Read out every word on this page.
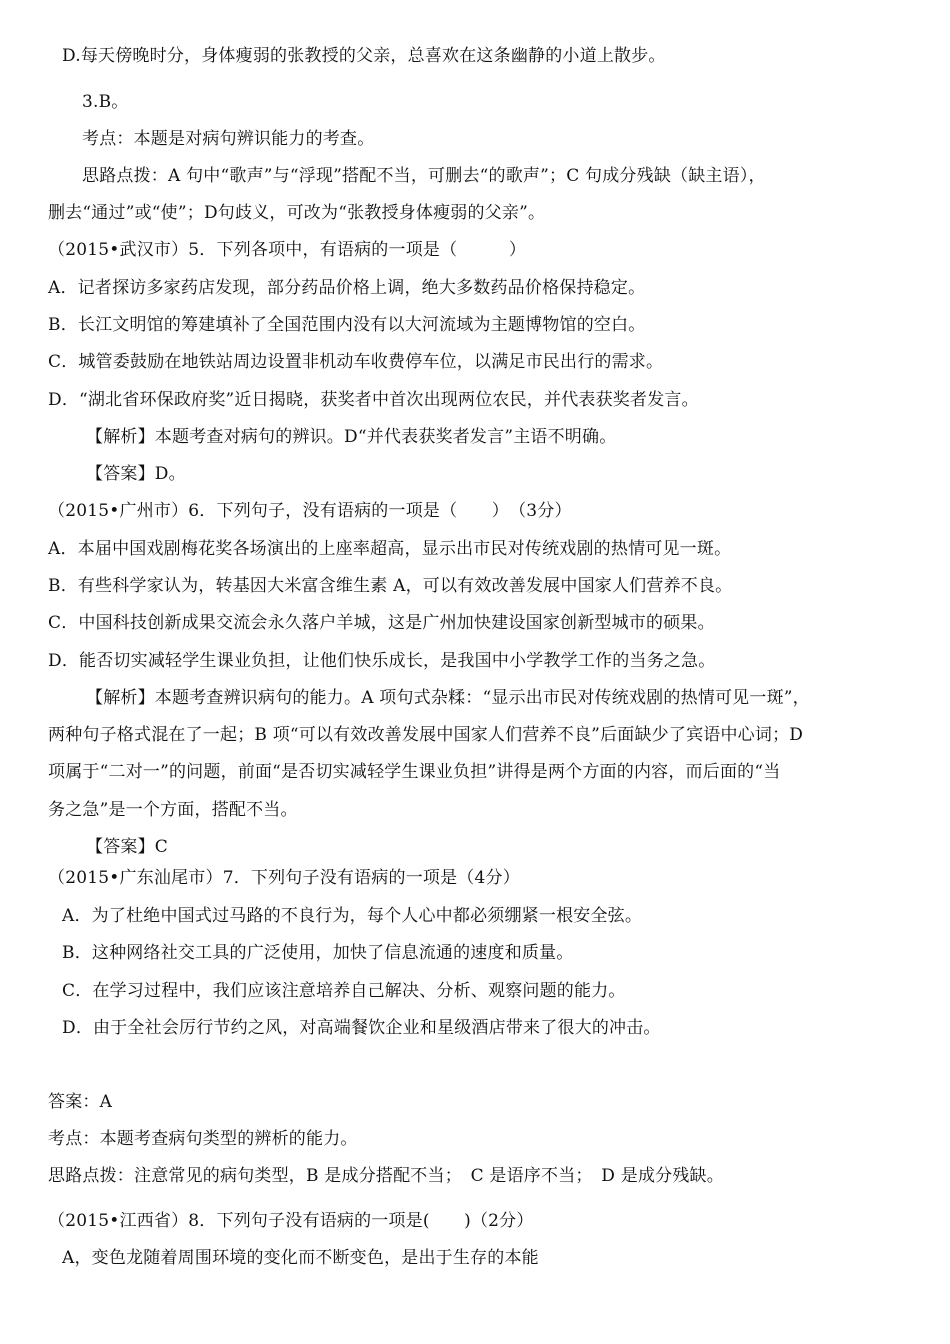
D.每天傍晚时分，身体瘦弱的张教授的父亲，总喜欢在这条幽静的小道上散步。
3.B。
考点：本题是对病句辨识能力的考查。
思路点拨：A 句中“歌声”与“浮现”搭配不当，可删去“的歌声”；C 句成分残缺（缺主语），
删去“通过”或“使”；D句歧义，可改为“张教授身体瘦弱的父亲”。
（2015•武汉市）5．下列各项中，有语病的一项是（　　　）
A．记者探访多家药店发现，部分药品价格上调，绝大多数药品价格保持稳定。
B．长江文明馆的筹建填补了全国范围内没有以大河流域为主题博物馆的空白。
C．城管委鼓励在地铁站周边设置非机动车收费停车位，以满足市民出行的需求。
D．“湖北省环保政府奖”近日揭晓，获奖者中首次出现两位农民，并代表获奖者发言。
【解析】本题考查对病句的辨识。D“并代表获奖者发言”主语不明确。
【答案】D。
（2015•广州市）6．下列句子，没有语病的一项是（　　）　（3分）
A．本届中国戏剧梅花奖各场演出的上座率超高，显示出市民对传统戏剧的热情可见一斑。
B．有些科学家认为，转基因大米富含维生素 A，可以有效改善发展中国家人们营养不良。
C．中国科技创新成果交流会永久落户羊城，这是广州加快建设国家创新型城市的硕果。
D．能否切实减轻学生课业负担，让他们快乐成长，是我国中小学教学工作的当务之急。
【解析】本题考查辨识病句的能力。A 项句式杂糅：“显示出市民对传统戏剧的热情可见一斑”，
两种句子格式混在了一起；B 项“可以有效改善发展中国家人们营养不良”后面缺少了宾语中心词；D
项属于“二对一”的问题，前面“是否切实减轻学生课业负担”讲得是两个方面的内容，而后面的“当
务之急”是一个方面，搭配不当。
【答案】C
（2015•广东汕尾市）7．下列句子没有语病的一项是（4分）
A．为了杜绝中国式过马路的不良行为，每个人心中都必须绷紧一根安全弦。
B．这种网络社交工具的广泛使用，加快了信息流通的速度和质量。
C．在学习过程中，我们应该注意培养自己解决、分析、观察问题的能力。
D．由于全社会厉行节约之风，对高端餐饮企业和星级酒店带来了很大的冲击。
答案：A
考点：本题考查病句类型的辨析的能力。
思路点拨：注意常见的病句类型，B 是成分搭配不当；　C 是语序不当；　D 是成分残缺。
（2015•江西省）8．下列句子没有语病的一项是(　　)（2分）
A，变色龙随着周围环境的变化而不断变色，是出于生存的本能
